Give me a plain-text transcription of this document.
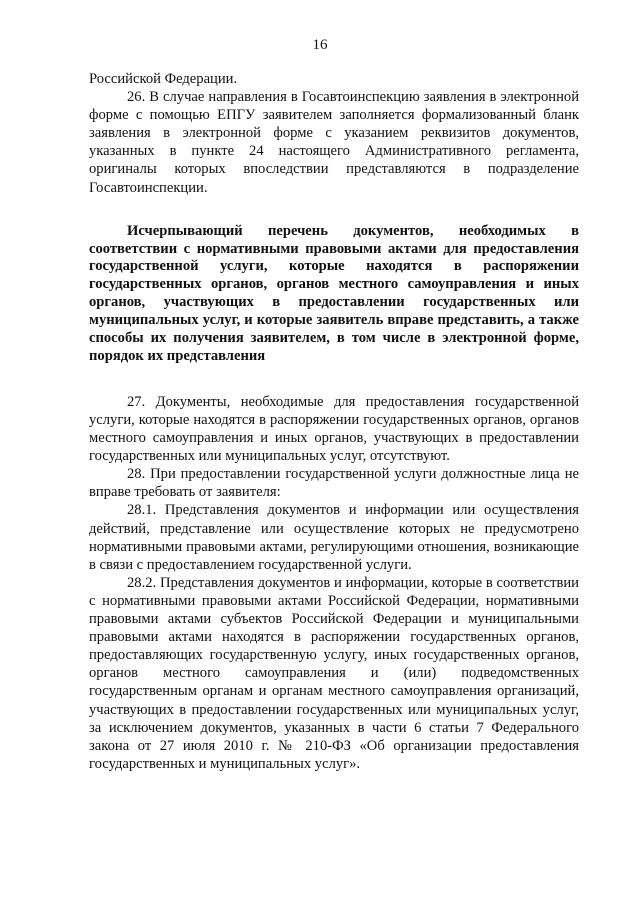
16

Российской Федерации.

26. В случае направления в Госавтоинспекцию заявления в электронной форме с помощью ЕПГУ заявителем заполняется формализованный бланк заявления в электронной форме с указанием реквизитов документов, указанных в пункте 24 настоящего Административного регламента, оригиналы которых впоследствии представляются в подразделение Госавтоинспекции.

Исчерпывающий перечень документов, необходимых в соответствии с нормативными правовыми актами для предоставления государственной услуги, которые находятся в распоряжении государственных органов, органов местного самоуправления и иных органов, участвующих в предоставлении государственных или муниципальных услуг, и которые заявитель вправе представить, а также способы их получения заявителем, в том числе в электронной форме, порядок их представления

27. Документы, необходимые для предоставления государственной услуги, которые находятся в распоряжении государственных органов, органов местного самоуправления и иных органов, участвующих в предоставлении государственных или муниципальных услуг, отсутствуют.

28. При предоставлении государственной услуги должностные лица не вправе требовать от заявителя:

28.1. Представления документов и информации или осуществления действий, представление или осуществление которых не предусмотрено нормативными правовыми актами, регулирующими отношения, возникающие в связи с предоставлением государственной услуги.

28.2. Представления документов и информации, которые в соответствии с нормативными правовыми актами Российской Федерации, нормативными правовыми актами субъектов Российской Федерации и муниципальными правовыми актами находятся в распоряжении государственных органов, предоставляющих государственную услугу, иных государственных органов, органов местного самоуправления и (или) подведомственных государственным органам и органам местного самоуправления организаций, участвующих в предоставлении государственных или муниципальных услуг, за исключением документов, указанных в части 6 статьи 7 Федерального закона от 27 июля 2010 г. № 210-ФЗ «Об организации предоставления государственных и муниципальных услуг».
